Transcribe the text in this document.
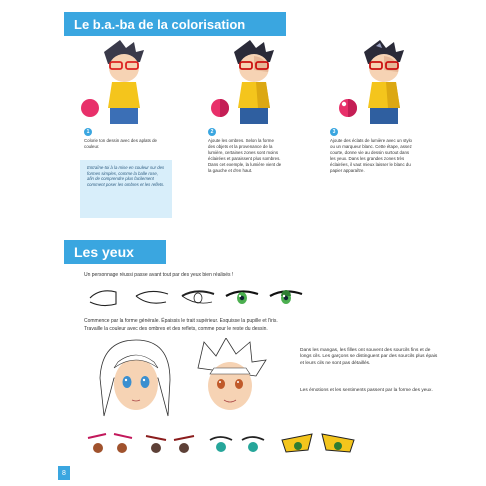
Le b.a.-ba de la colorisation
1
Colorie ton dessin avec des aplats de couleur.
2
Ajoute les ombres. Selon la forme des objets et la provenance de la lumière, certaines zones sont moins éclairées et paraissent plus sombres. Dans cet exemple, la lumière vient de la gauche et d'en haut.
3
Ajoute des éclats de lumière avec un stylo ou un marqueur blanc. Cette étape, assez courte, donne vie au dessin surtout dans les yeux. Dans les grandes zones très éclairées, il vaut mieux laisser le blanc du papier apparaître.
Entraîne-toi à la mise en couleur sur des formes simples, comme la balle rose, afin de comprendre plus facilement comment poser les ombres et les reflets.
Les yeux
Un personnage réussi passe avant tout par des yeux bien réalisés !
Commence par la forme générale. Épaissis le trait supérieur. Esquisse la pupille et l'iris.
Travaille la couleur avec des ombres et des reflets, comme pour le reste du dessin.
Dans les mangas, les filles ont souvent des sourcils fins et de longs cils. Les garçons se distinguent par des sourcils plus épais et leurs cils ne sont pas détaillés.
Les émotions et les sentiments passent par la forme des yeux.
8
